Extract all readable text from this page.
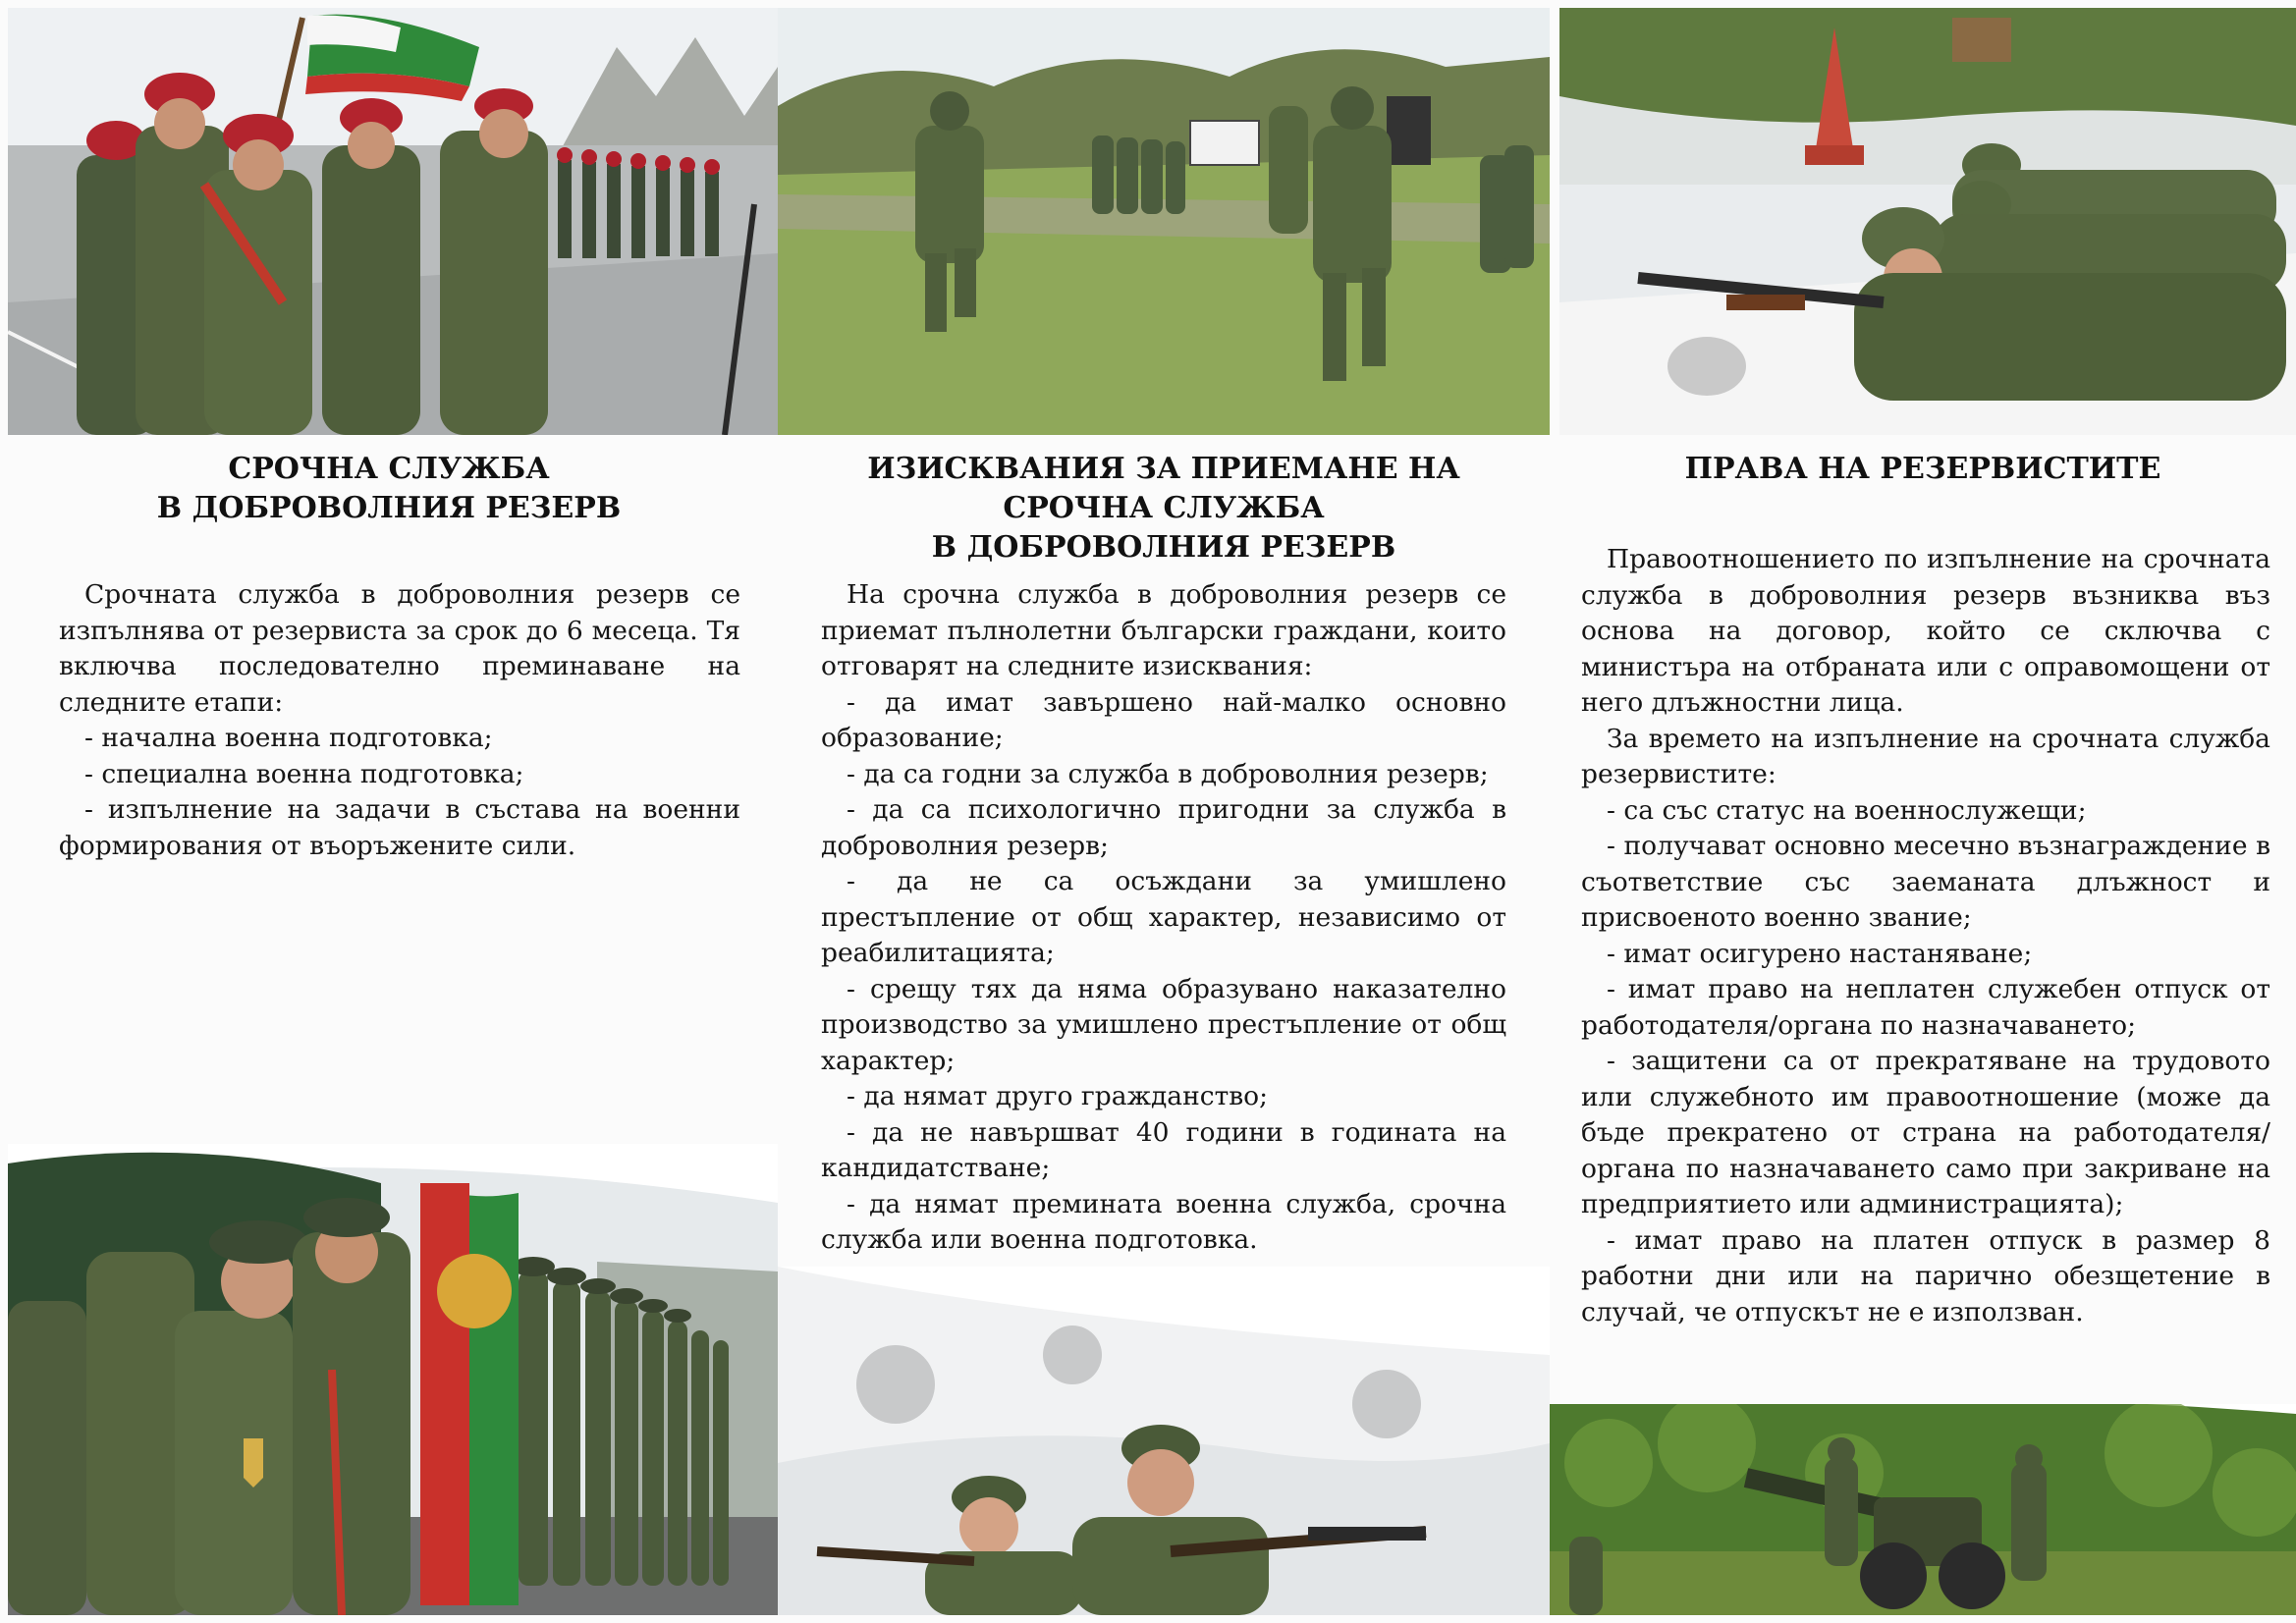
СРОЧНА СЛУЖБА
В ДОБРОВОЛНИЯ РЕЗЕРВ

Срочната служба в доброволния резерв се изпълнява от резервиста за срок до 6 месеца. Тя включва последователно преминаване на следните етапи:

- начална военна подготовка;

- специална военна подготовка;

- изпълнение на задачи в състава на военни формирования от въоръжените сили.

ИЗИСКВАНИЯ ЗА ПРИЕМАНЕ НА
СРОЧНА СЛУЖБА
В ДОБРОВОЛНИЯ РЕЗЕРВ

На срочна служба в доброволния резерв се приемат пълнолетни български граждани, които отговарят на следните изисквания:

- да имат завършено най-малко основно образование;

- да са годни за служба в доброволния резерв;

- да са психологично пригодни за служба в доброволния резерв;

- да не са осъждани за умишлено престъпление от общ характер, независимо от реабилитацията;

- срещу тях да няма образувано наказателно производство за умишлено престъпление от общ характер;

- да нямат друго гражданство;

- да не навършват 40 години в годината на кандидатстване;

- да нямат премината военна служба, срочна служба или военна подготовка.

ПРАВА НА РЕЗЕРВИСТИТЕ

Правоотношението по изпълнение на срочната служба в доброволния резерв възниква въз основа на договор, който се сключва с министъра на отбраната или с оправомощени от него длъжностни лица.

За времето на изпълнение на срочната служба резервистите:

- са със статус на военнослужещи;

- получават основно месечно възнаграждение в съответствие със заеманата длъжност и присвоеното военно звание;

- имат осигурено настаняване;

- имат право на неплатен служебен отпуск от работодателя/органа по назначаването;

- защитени са от прекратяване на трудовото или служебното им правоотношение (може да бъде прекратено от страна на работодателя/органа по назначаването само при закриване на предприятието или администрацията);

- имат право на платен отпуск в размер 8 работни дни или на парично обезщетение в случай, че отпускът не е използван.
